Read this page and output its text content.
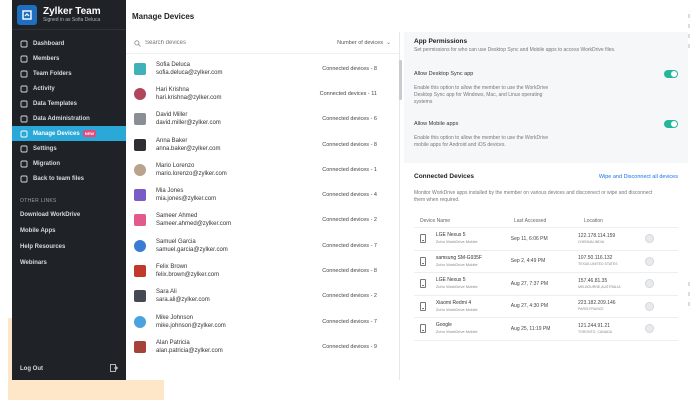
Zylker Team
Signed in as Sofia Deluca
Dashboard
Members
Team Folders
Activity
Data Templates
Data Administration
Manage Devices	NEW
Settings
Migration
Back to team files
OTHER LINKS
Download WorkDrive
Mobile Apps
Help Resources
Webinars
Log Out
Manage Devices
Search devices
Number of devices ⌄
Sofia Deluca
sofia.deluca@zylker.com
Connected devices - 8
Hari Krishna
hari.krishna@zylker.com
Connected devices - 11
David Miller
david.miller@zylker.com
Connected devices - 6
Anna Baker
anna.baker@zylker.com
Connected devices - 8
Mario Lorenzo
mario.lorenzo@zylker.com
Connected devices - 1
Mia Jones
mia.jones@zylker.com
Connected devices - 4
Sameer Ahmed
Sameer.ahmed@zylker.com
Connected devices - 2
Samuel Garcia
samuel.garcia@zylker.com
Connected devices - 7
Felix Brown
felix.brown@zylker.com
Connected devices - 8
Sara Ali
sara.ali@zylker.com
Connected devices - 2
Mike Johnson
mike.johnson@zylker.com
Connected devices - 7
Alan Patricia
alan.patricia@zylker.com
Connected devices - 9
App Permissions
Set permissions for who can use Desktop Sync and Mobile apps to access WorkDrive files.
Allow Desktop Sync app
Enable this option to allow the member to use the WorkDrive Desktop Sync app for Windows, Mac, and Linux operating systems
Allow Mobile apps
Enable this option to allow the member to use the WorkDrive mobile apps for Android and iOS devices.
Connected Devices	Wipe and Disconnect all devices
Monitor WorkDrive apps installed by the member on various devices and disconnect or wipe and disconnect them when required.
Device Name	Last Accessed	Location
LGE Nexus 5
Zoho WorkDrive Mobile	Sep 11, 6:06 PM	122.178.114.159
CHENNAI,INDIA
samsung SM-G935F
Zoho WorkDrive Mobile	Sep 2, 4:49 PM	107.50.116.132
TEXAS,UNITED STATES
LGE Nexus 5
Zoho WorkDrive Mobile	Aug 27, 7:37 PM	157.46.81.35
MELBOURNE,AUSTRALIA
Xiaomi Redmi 4
Zoho WorkDrive Mobile	Aug 27, 4:30 PM	223.182.209.146
PARIS,FRANCE
Google
Zoho WorkDrive Mobile	Aug 25, 11:19 PM	121.244.91.21
TORONTO, CANADA
